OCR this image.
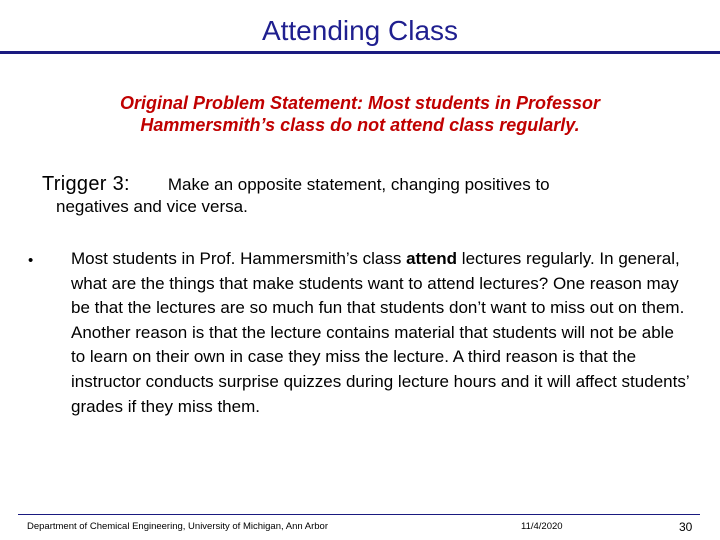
Attending Class
Original Problem Statement: Most students in Professor
Hammersmith’s class do not attend class regularly.
Trigger 3: Make an opposite statement, changing positives to
negatives and vice versa.
• Most students in Prof. Hammersmith’s class attend lectures regularly. In general, what are the things that make students want to attend lectures? One reason may be that the lectures are so much fun that students don’t want to miss out on them. Another reason is that the lecture contains material that students will not be able to learn on their own in case they miss the lecture. A third reason is that the instructor conducts surprise quizzes during lecture hours and it will affect students’ grades if they miss them.
Department of Chemical Engineering, University of Michigan, Ann Arbor	11/4/2020	30
